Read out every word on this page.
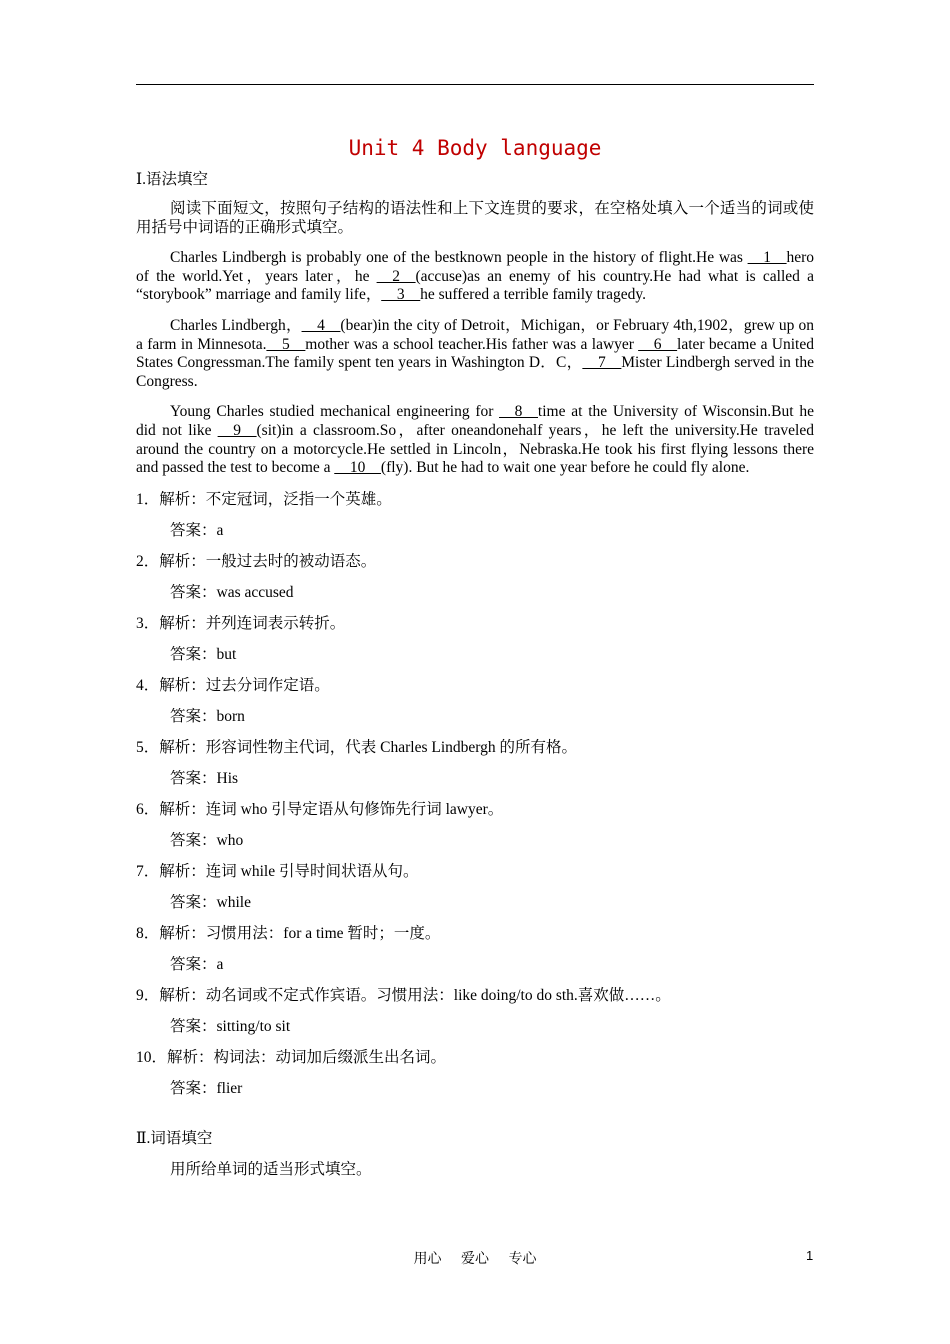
Unit 4 Body language
Ⅰ.语法填空
阅读下面短文，按照句子结构的语法性和上下文连贯的要求，在空格处填入一个适当的词或使用括号中词语的正确形式填空。
Charles Lindbergh is probably one of the bestknown people in the history of flight.He was __1__hero of the world.Yet，years later，he __2__(accuse)as an enemy of his country.He had what is called a “storybook” marriage and family life，__3__he suffered a terrible family tragedy.
Charles Lindbergh，__4__(bear)in the city of Detroit，Michigan，or February 4th,1902，grew up on a farm in Minnesota.__5__mother was a school teacher.His father was a lawyer __6__later became a United States Congressman.The family spent ten years in Washington D．C，__7__Mister Lindbergh served in the Congress.
Young Charles studied mechanical engineering for __8__time at the University of Wisconsin.But he did not like __9__(sit)in a classroom.So，after oneandonehalf years，he left the university.He traveled around the country on a motorcycle.He settled in Lincoln，Nebraska.He took his first flying lessons there and passed the test to become a __10__(fly). But he had to wait one year before he could fly alone.
1．解析：不定冠词，泛指一个英雄。
答案：a
2．解析：一般过去时的被动语态。
答案：was accused
3．解析：并列连词表示转折。
答案：but
4．解析：过去分词作定语。
答案：born
5．解析：形容词性物主代词，代表 Charles Lindbergh 的所有格。
答案：His
6．解析：连词 who 引导定语从句修饰先行词 lawyer。
答案：who
7．解析：连词 while 引导时间状语从句。
答案：while
8．解析：习惯用法：for a time 暂时；一度。
答案：a
9．解析：动名词或不定式作宾语。习惯用法：like doing/to do sth.喜欢做……。
答案：sitting/to sit
10．解析：构词法：动词加后缀派生出名词。
答案：flier
Ⅱ.词语填空
用所给单词的适当形式填空。
用心 爱心 专心	1
